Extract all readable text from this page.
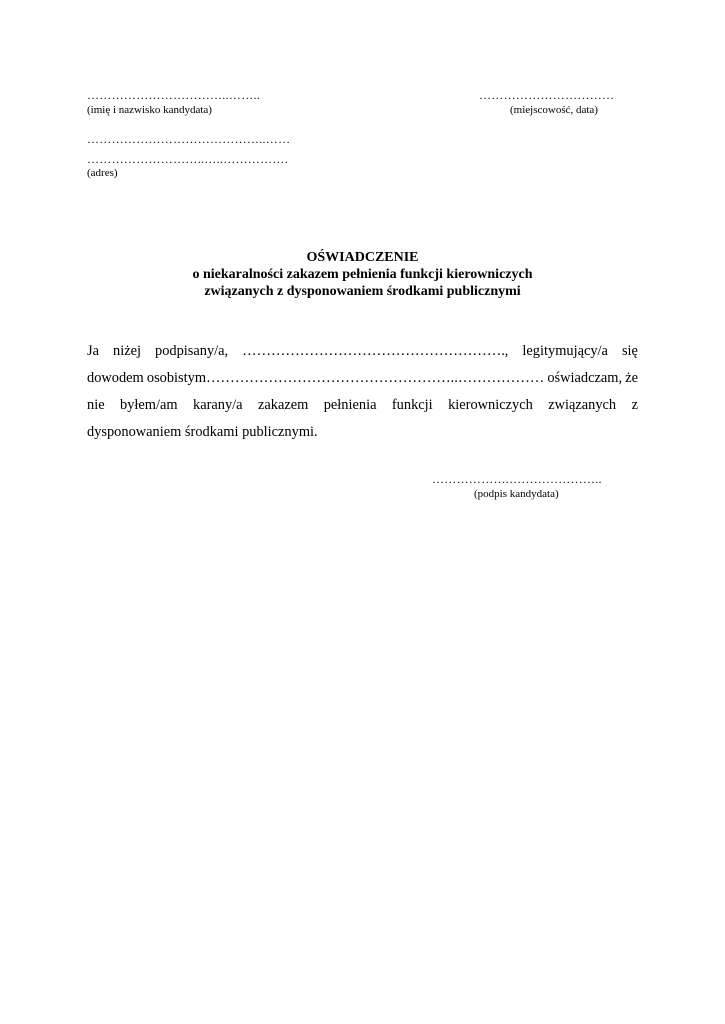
……………………………..……..
(imię i nazwisko kandydata)
……………………………
(miejscowość, data)
……………………………………..……
………………………..…..…………….
(adres)
OŚWIADCZENIE
o niekaralności zakazem pełnienia funkcji kierowniczych
związanych z dysponowaniem środkami publicznymi
Ja niżej podpisany/a, ………………………………………………., legitymujący/a się
dowodem osobistym……………………………………………..……………… oświadczam, że
nie byłem/am karany/a zakazem pełnienia funkcji kierowniczych związanych z
dysponowaniem środkami publicznymi.
……………….…………………..
(podpis kandydata)
